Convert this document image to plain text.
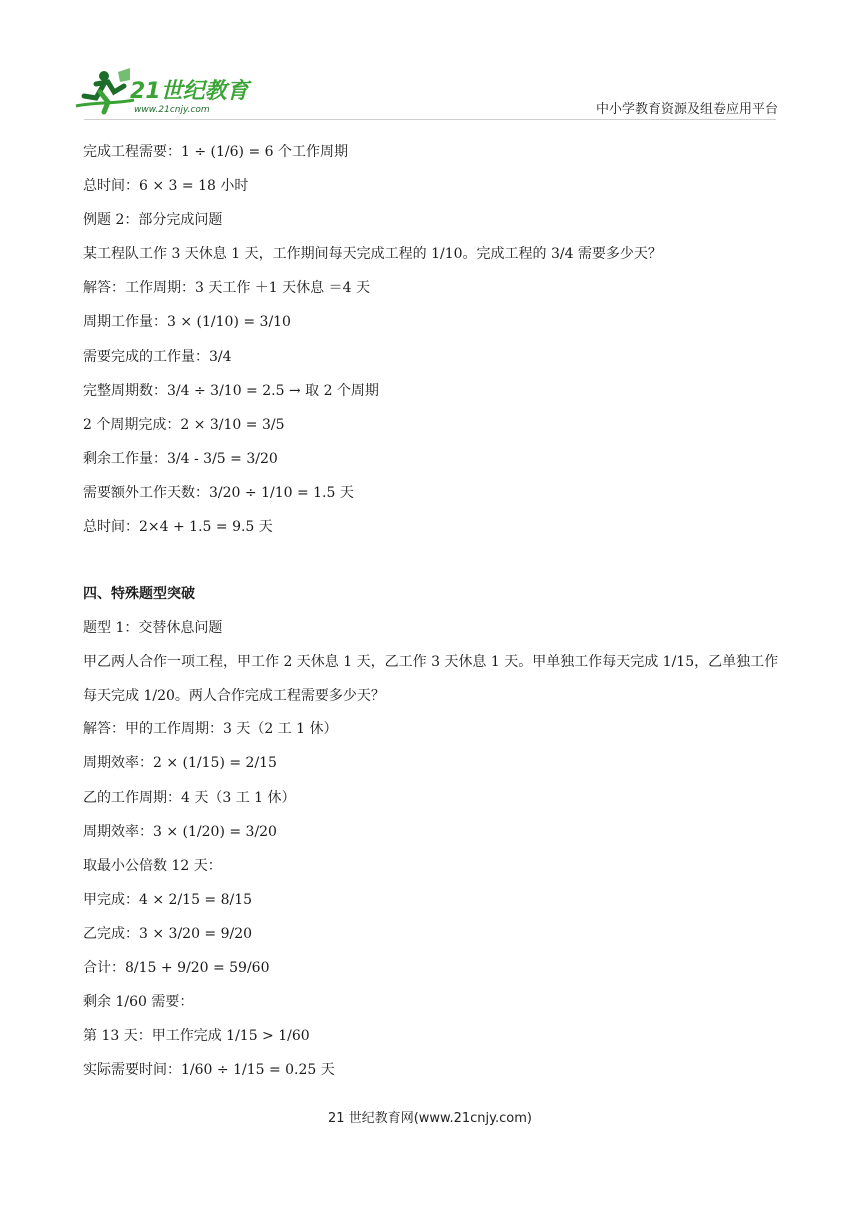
21世纪教育
www.21cnjy.com	中小学教育资源及组卷应用平台

完成工程需要：1 ÷ (1/6) = 6 个工作周期

总时间：6 × 3 = 18 小时

例题 2：部分完成问题

某工程队工作 3 天休息 1 天，工作期间每天完成工程的 1/10。完成工程的 3/4 需要多少天？

解答：工作周期：3 天工作 ＋1 天休息 ＝4 天

周期工作量：3 × (1/10) = 3/10

需要完成的工作量：3/4

完整周期数：3/4 ÷ 3/10 = 2.5 → 取 2 个周期

2 个周期完成：2 × 3/10 = 3/5

剩余工作量：3/4 - 3/5 = 3/20

需要额外工作天数：3/20 ÷ 1/10 = 1.5 天

总时间：2×4 + 1.5 = 9.5 天

四、特殊题型突破

题型 1：交替休息问题

甲乙两人合作一项工程，甲工作 2 天休息 1 天，乙工作 3 天休息 1 天。甲单独工作每天完成 1/15，乙单独工作每天完成 1/20。两人合作完成工程需要多少天？

解答：甲的工作周期：3 天（2 工 1 休）

周期效率：2 × (1/15) = 2/15

乙的工作周期：4 天（3 工 1 休）

周期效率：3 × (1/20) = 3/20

取最小公倍数 12 天：

甲完成：4 × 2/15 = 8/15

乙完成：3 × 3/20 = 9/20

合计：8/15 + 9/20 = 59/60

剩余 1/60 需要：

第 13 天：甲工作完成 1/15 > 1/60

实际需要时间：1/60 ÷ 1/15 = 0.25 天

21 世纪教育网(www.21cnjy.com)
